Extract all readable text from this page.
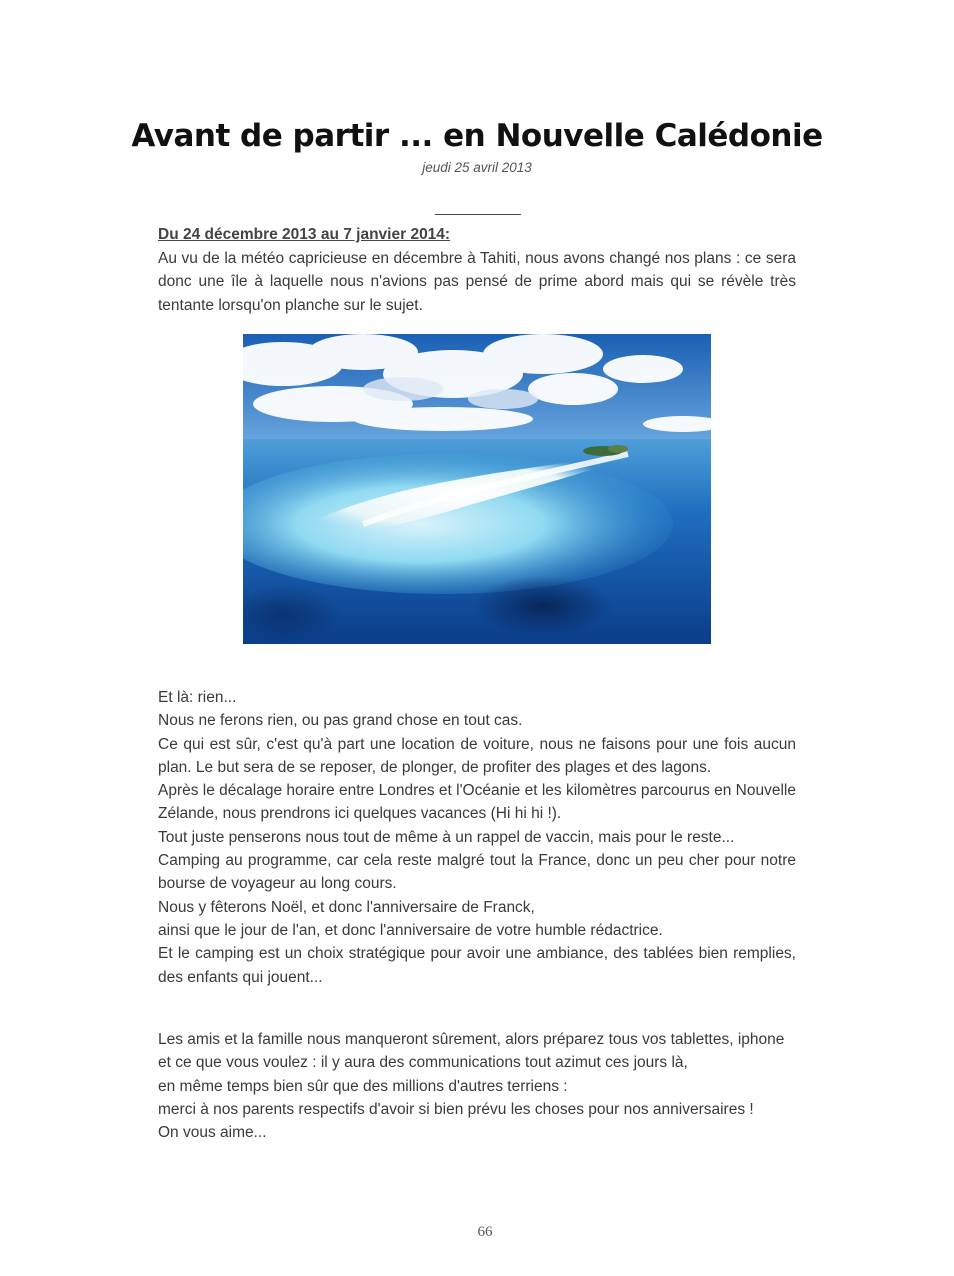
Avant de partir ... en Nouvelle Calédonie
jeudi 25 avril 2013
___________
Du 24 décembre 2013 au 7 janvier 2014:

Au vu de la météo capricieuse en décembre à Tahiti, nous avons changé nos plans : ce sera donc une île à laquelle nous n'avions pas pensé de prime abord mais qui se révèle très tentante lorsqu'on planche sur le sujet.

Et là: rien...

Nous ne ferons rien, ou pas grand chose en tout cas.

Ce qui est sûr, c'est qu'à part une location de voiture, nous ne faisons pour une fois aucun plan. Le but sera de se reposer, de plonger, de profiter des plages et des lagons.

Après le décalage horaire entre Londres et l'Océanie et les kilomètres parcourus en Nouvelle Zélande, nous prendrons ici quelques vacances (Hi hi hi !).

Tout juste penserons nous tout de même à un rappel de vaccin, mais pour le reste...

Camping au programme, car cela reste malgré tout la France, donc un peu cher pour notre bourse de voyageur au long cours.

Nous y fêterons Noël, et donc l'anniversaire de Franck,

ainsi que le jour de l'an, et donc l'anniversaire de votre humble rédactrice.

Et le camping est un choix stratégique pour avoir une ambiance, des tablées bien remplies, des enfants qui jouent...

Les amis et la famille nous manqueront sûrement, alors préparez tous vos tablettes, iphone

et ce que vous voulez : il y aura des communications tout azimut ces jours là,

en même temps bien sûr que des millions d'autres terriens :

merci à nos parents respectifs d'avoir si bien prévu les choses pour nos anniversaires !

On vous aime...

66
